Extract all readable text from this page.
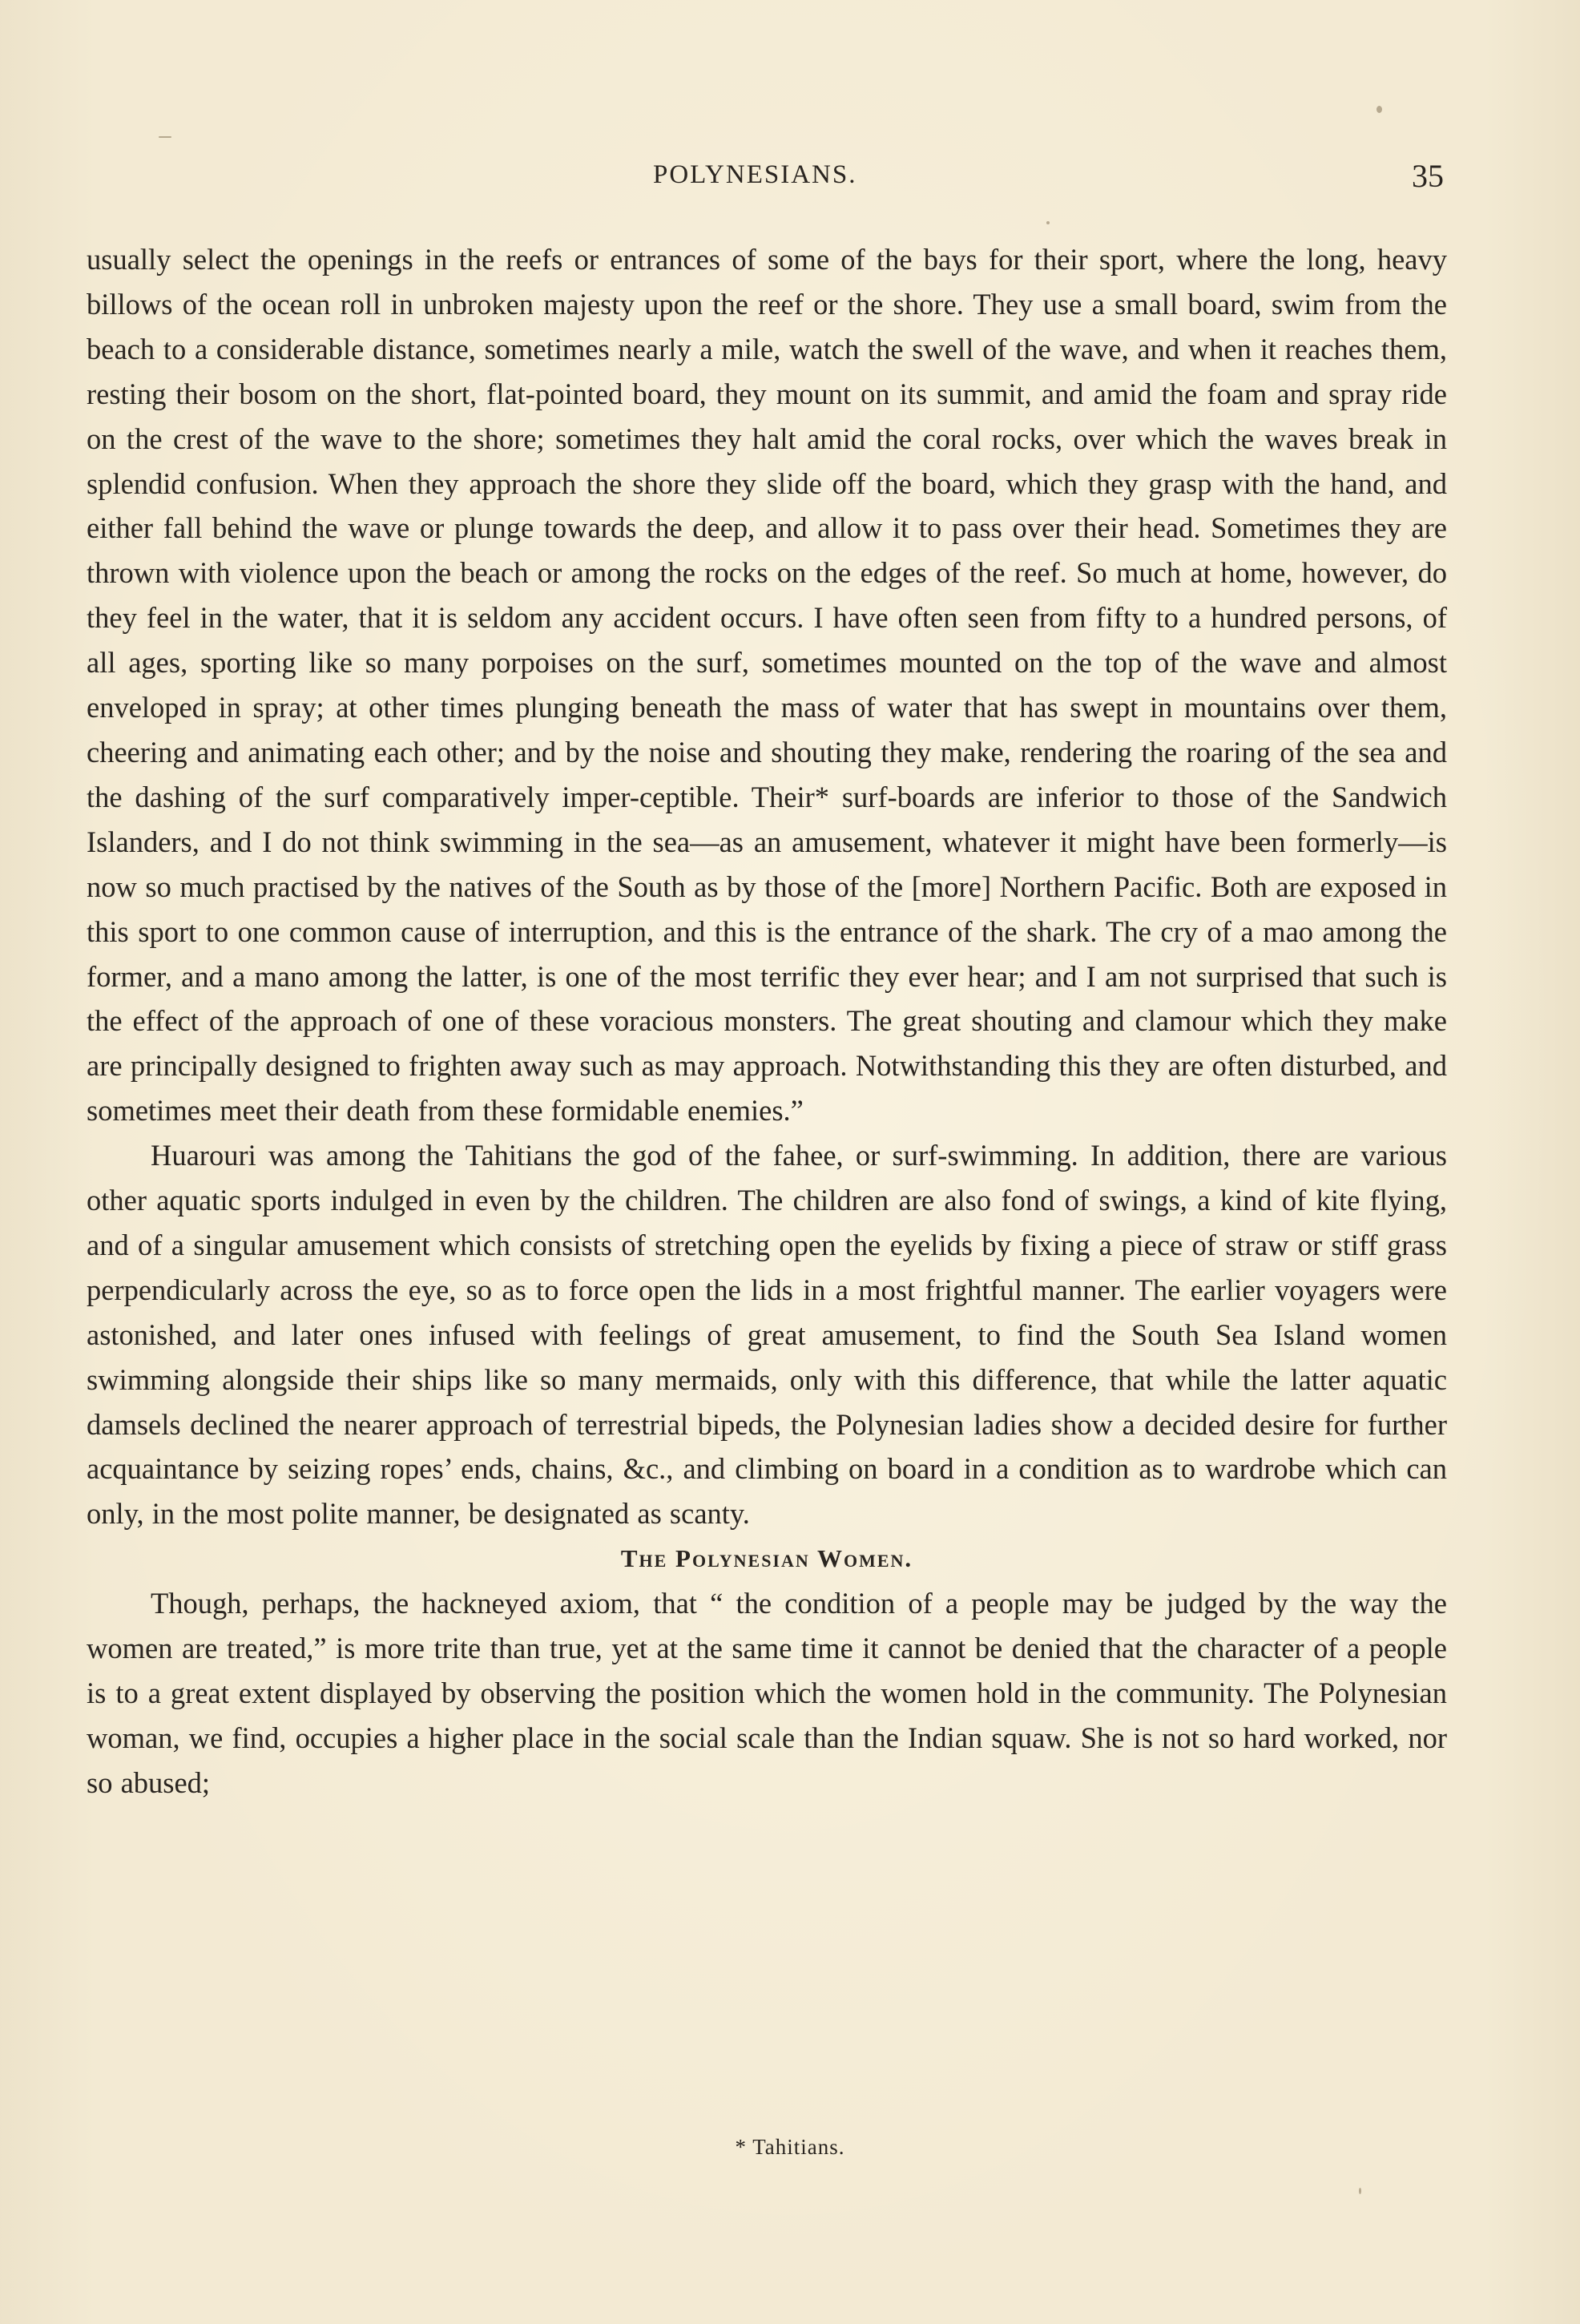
POLYNESIANS.	35

usually select the openings in the reefs or entrances of some of the bays for their sport, where the long, heavy billows of the ocean roll in unbroken majesty upon the reef or the shore. They use a small board, swim from the beach to a considerable distance, sometimes nearly a mile, watch the swell of the wave, and when it reaches them, resting their bosom on the short, flat-pointed board, they mount on its summit, and amid the foam and spray ride on the crest of the wave to the shore; sometimes they halt amid the coral rocks, over which the waves break in splendid confusion. When they approach the shore they slide off the board, which they grasp with the hand, and either fall behind the wave or plunge towards the deep, and allow it to pass over their head. Sometimes they are thrown with violence upon the beach or among the rocks on the edges of the reef. So much at home, however, do they feel in the water, that it is seldom any accident occurs. I have often seen from fifty to a hundred persons, of all ages, sporting like so many porpoises on the surf, sometimes mounted on the top of the wave and almost enveloped in spray; at other times plunging beneath the mass of water that has swept in mountains over them, cheering and animating each other; and by the noise and shouting they make, rendering the roaring of the sea and the dashing of the surf comparatively imper-ceptible. Their* surf-boards are inferior to those of the Sandwich Islanders, and I do not think swimming in the sea—as an amusement, whatever it might have been formerly—is now so much practised by the natives of the South as by those of the [more] Northern Pacific. Both are exposed in this sport to one common cause of interruption, and this is the entrance of the shark. The cry of a mao among the former, and a mano among the latter, is one of the most terrific they ever hear; and I am not surprised that such is the effect of the approach of one of these voracious monsters. The great shouting and clamour which they make are principally designed to frighten away such as may approach. Notwithstanding this they are often disturbed, and sometimes meet their death from these formidable enemies.”

Huarouri was among the Tahitians the god of the fahee, or surf-swimming. In addition, there are various other aquatic sports indulged in even by the children. The children are also fond of swings, a kind of kite flying, and of a singular amusement which consists of stretching open the eyelids by fixing a piece of straw or stiff grass perpendicularly across the eye, so as to force open the lids in a most frightful manner. The earlier voyagers were astonished, and later ones infused with feelings of great amusement, to find the South Sea Island women swimming alongside their ships like so many mermaids, only with this difference, that while the latter aquatic damsels declined the nearer approach of terrestrial bipeds, the Polynesian ladies show a decided desire for further acquaintance by seizing ropes’ ends, chains, &c., and climbing on board in a condition as to wardrobe which can only, in the most polite manner, be designated as scanty.

The Polynesian Women.

Though, perhaps, the hackneyed axiom, that “ the condition of a people may be judged by the way the women are treated,” is more trite than true, yet at the same time it cannot be denied that the character of a people is to a great extent displayed by observing the position which the women hold in the community. The Polynesian woman, we find, occupies a higher place in the social scale than the Indian squaw. She is not so hard worked, nor so abused;

* Tahitians.
